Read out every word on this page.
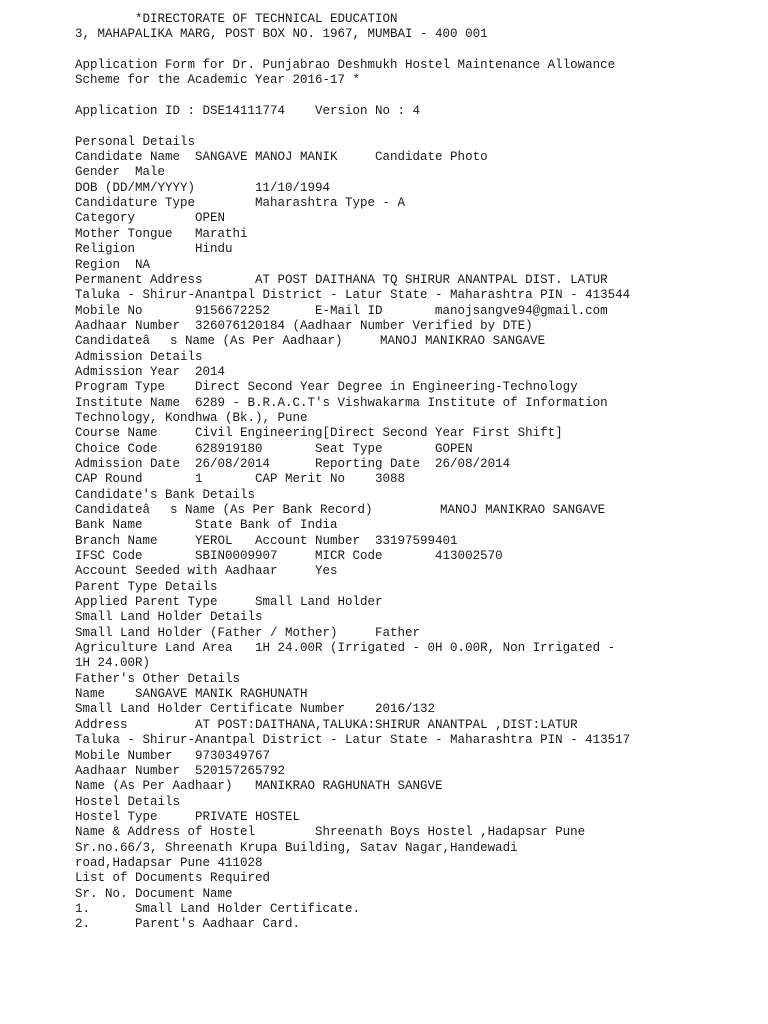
*DIRECTORATE OF TECHNICAL EDUCATION
3, MAHAPALIKA MARG, POST BOX NO. 1967, MUMBAI - 400 001
Application Form for Dr. Punjabrao Deshmukh Hostel Maintenance Allowance
Scheme for the Academic Year 2016-17 *
Application ID : DSE14111774    Version No : 4
Personal Details
Candidate Name  SANGAVE MANOJ MANIK     Candidate Photo
Gender  Male
DOB (DD/MM/YYYY)        11/10/1994
Candidature Type        Maharashtra Type - A
Category        OPEN
Mother Tongue   Marathi
Religion        Hindu
Region  NA
Permanent Address       AT POST DAITHANA TQ SHIRUR ANANTPAL DIST. LATUR
Taluka - Shirur-Anantpal District - Latur State - Maharashtra PIN - 413544
Mobile No       9156672252      E-Mail ID       manojsangve94@gmail.com
Aadhaar Number  326076120184 (Aadhaar Number Verified by DTE)
Candidateâs Name (As Per Aadhaar)     MANOJ MANIKRAO SANGAVE
Admission Details
Admission Year  2014
Program Type    Direct Second Year Degree in Engineering-Technology
Institute Name  6289 - B.R.A.C.T's Vishwakarma Institute of Information
Technology, Kondhwa (Bk.), Pune
Course Name     Civil Engineering[Direct Second Year First Shift]
Choice Code     628919180       Seat Type       GOPEN
Admission Date  26/08/2014      Reporting Date  26/08/2014
CAP Round       1       CAP Merit No    3088
Candidate's Bank Details
Candidateâs Name (As Per Bank Record)         MANOJ MANIKRAO SANGAVE
Bank Name       State Bank of India
Branch Name     YEROL   Account Number  33197599401
IFSC Code       SBIN0009907     MICR Code       413002570
Account Seeded with Aadhaar     Yes
Parent Type Details
Applied Parent Type     Small Land Holder
Small Land Holder Details
Small Land Holder (Father / Mother)     Father
Agriculture Land Area   1H 24.00R (Irrigated - 0H 0.00R, Non Irrigated -
1H 24.00R)
Father's Other Details
Name    SANGAVE MANIK RAGHUNATH
Small Land Holder Certificate Number    2016/132
Address         AT POST:DAITHANA,TALUKA:SHIRUR ANANTPAL ,DIST:LATUR
Taluka - Shirur-Anantpal District - Latur State - Maharashtra PIN - 413517
Mobile Number   9730349767
Aadhaar Number  520157265792
Name (As Per Aadhaar)   MANIKRAO RAGHUNATH SANGVE
Hostel Details
Hostel Type     PRIVATE HOSTEL
Name & Address of Hostel        Shreenath Boys Hostel ,Hadapsar Pune
Sr.no.66/3, Shreenath Krupa Building, Satav Nagar,Handewadi
road,Hadapsar Pune 411028
List of Documents Required
Sr. No. Document Name
1.      Small Land Holder Certificate.
2.      Parent's Aadhaar Card.
